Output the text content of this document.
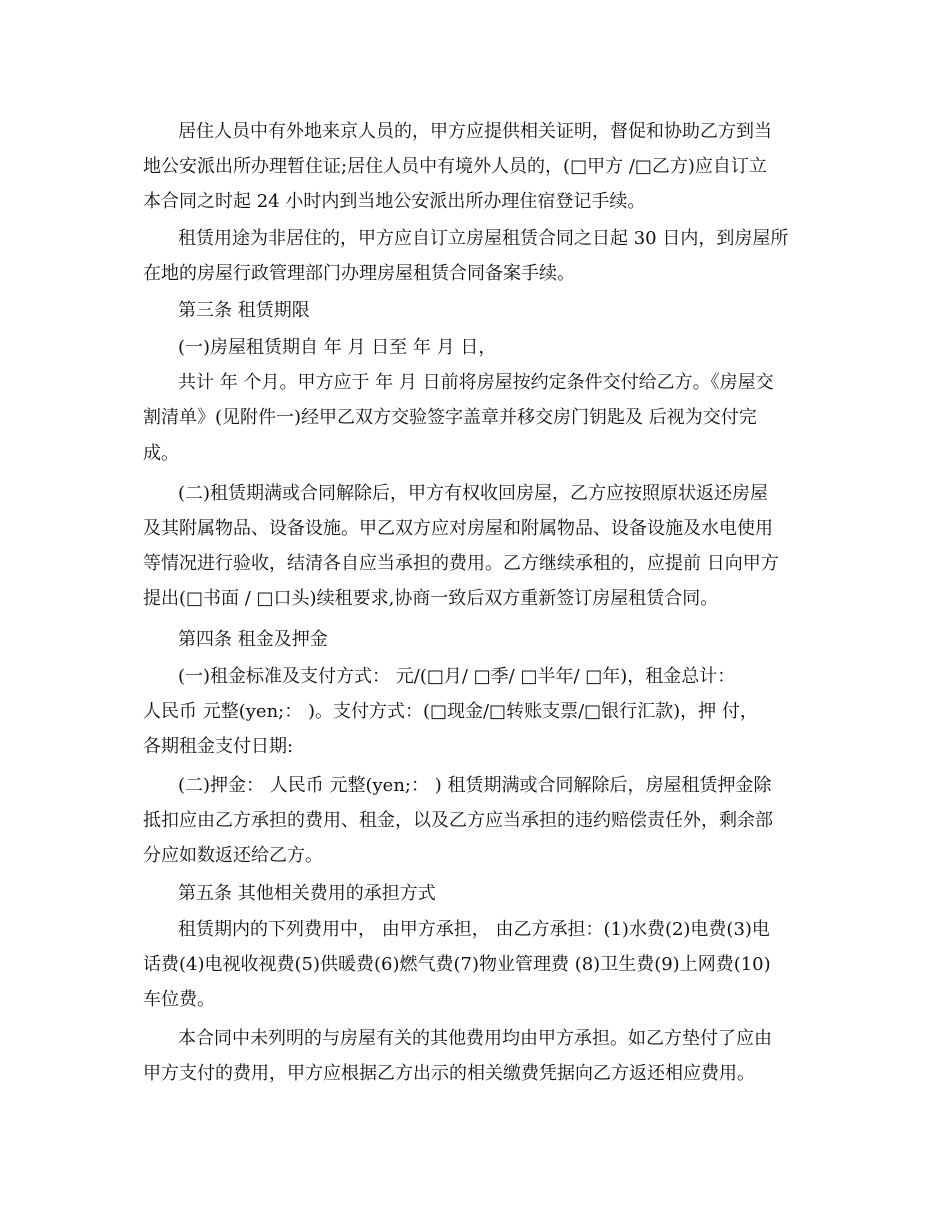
居住人员中有外地来京人员的，甲方应提供相关证明，督促和协助乙方到当

地公安派出所办理暂住证;居住人员中有境外人员的，(□甲方 /□乙方)应自订立

本合同之时起 24 小时内到当地公安派出所办理住宿登记手续。

租赁用途为非居住的，甲方应自订立房屋租赁合同之日起 30 日内，到房屋所

在地的房屋行政管理部门办理房屋租赁合同备案手续。

第三条 租赁期限

(一)房屋租赁期自 年 月 日至 年 月 日，

共计 年 个月。甲方应于 年 月 日前将房屋按约定条件交付给乙方。《房屋交

割清单》(见附件一)经甲乙双方交验签字盖章并移交房门钥匙及 后视为交付完

成。

(二)租赁期满或合同解除后，甲方有权收回房屋，乙方应按照原状返还房屋

及其附属物品、设备设施。甲乙双方应对房屋和附属物品、设备设施及水电使用

等情况进行验收，结清各自应当承担的费用。乙方继续承租的，应提前 日向甲方

提出(□书面 / □口头)续租要求,协商一致后双方重新签订房屋租赁合同。

第四条 租金及押金

(一)租金标准及支付方式： 元/(□月/ □季/ □半年/ □年)，租金总计：

人民币 元整(yen;： )。支付方式：(□现金/□转账支票/□银行汇款)，押 付，

各期租金支付日期:

(二)押金： 人民币 元整(yen;： ) 租赁期满或合同解除后，房屋租赁押金除

抵扣应由乙方承担的费用、租金，以及乙方应当承担的违约赔偿责任外，剩余部

分应如数返还给乙方。

第五条 其他相关费用的承担方式

租赁期内的下列费用中， 由甲方承担， 由乙方承担：(1)水费(2)电费(3)电

话费(4)电视收视费(5)供暖费(6)燃气费(7)物业管理费 (8)卫生费(9)上网费(10)

车位费。

本合同中未列明的与房屋有关的其他费用均由甲方承担。如乙方垫付了应由

甲方支付的费用，甲方应根据乙方出示的相关缴费凭据向乙方返还相应费用。
